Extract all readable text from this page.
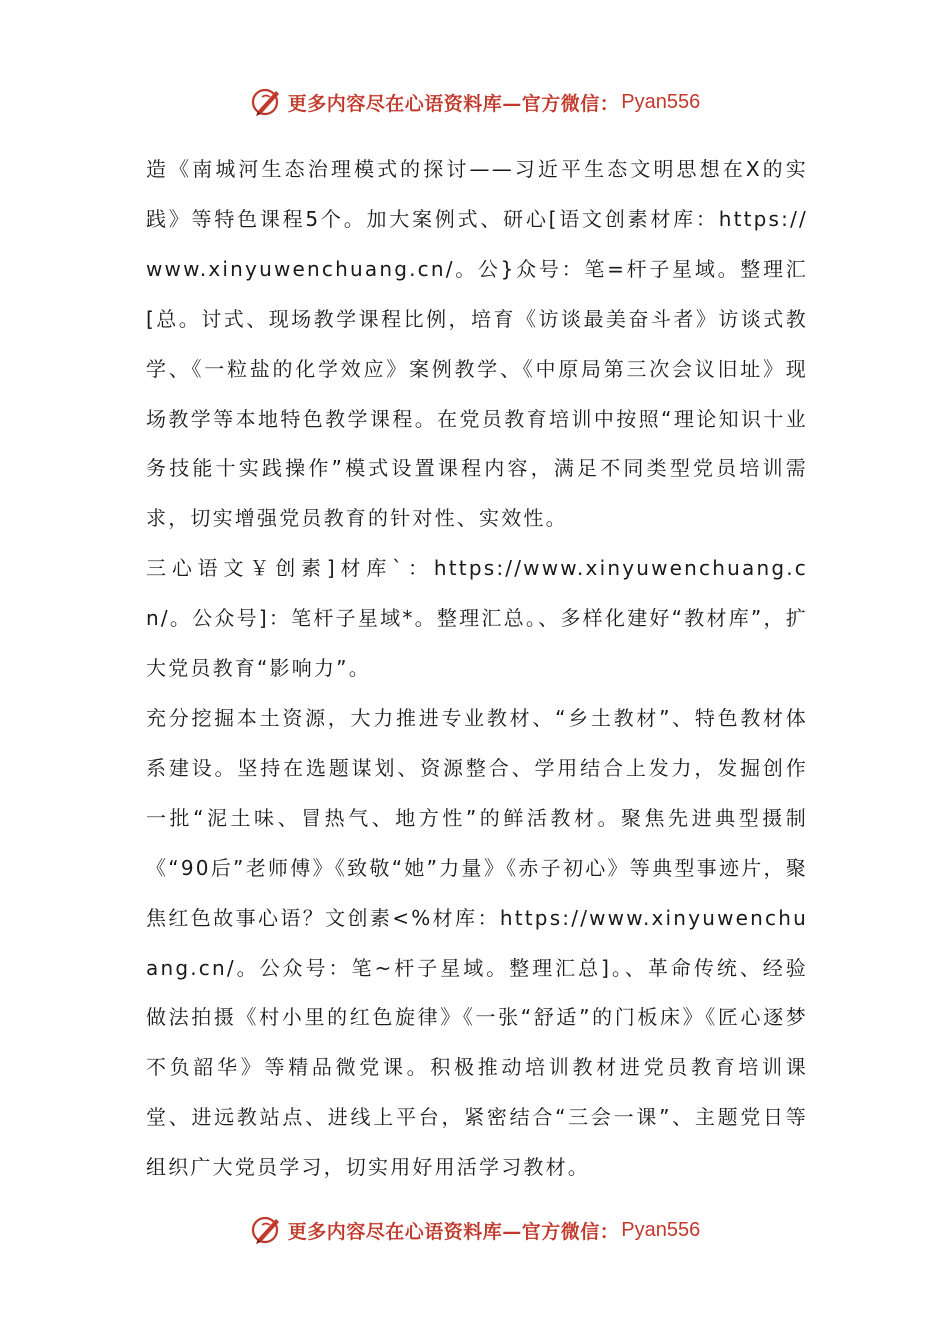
更多内容尽在心语资料库—官方微信： Pyan556

造《南城河生态治理模式的探讨——习近平生态文明思想在X的实践》等特色课程5个。加大案例式、研心[语文创素材库：https://www.xinyuwenchuang.cn/。公}众号：笔=杆子星域。整理汇[总。讨式、现场教学课程比例，培育《访谈最美奋斗者》访谈式教学、《一粒盐的化学效应》案例教学、《中原局第三次会议旧址》现场教学等本地特色教学课程。在党员教育培训中按照“理论知识十业务技能十实践操作”模式设置课程内容，满足不同类型党员培训需求，切实增强党员教育的针对性、实效性。

三心语文￥创素]材库`：https://www.xinyuwenchuang.cn/。公众号]：笔杆子星域*。整理汇总。、多样化建好“教材库”，扩大党员教育“影响力”。

充分挖掘本土资源，大力推进专业教材、“乡土教材”、特色教材体系建设。坚持在选题谋划、资源整合、学用结合上发力，发掘创作一批“泥土味、冒热气、地方性”的鲜活教材。聚焦先进典型摄制《“90后”老师傅》《致敬“她”力量》《赤子初心》等典型事迹片，聚焦红色故事心语？文创素<%材库：https://www.xinyuwenchuang.cn/。公众号：笔~杆子星域。整理汇总]。、革命传统、经验做法拍摄《村小里的红色旋律》《一张“舒适”的门板床》《匠心逐梦不负韶华》等精品微党课。积极推动培训教材进党员教育培训课堂、进远教站点、进线上平台，紧密结合“三会一课”、主题党日等组织广大党员学习，切实用好用活学习教材。

更多内容尽在心语资料库—官方微信： Pyan556
